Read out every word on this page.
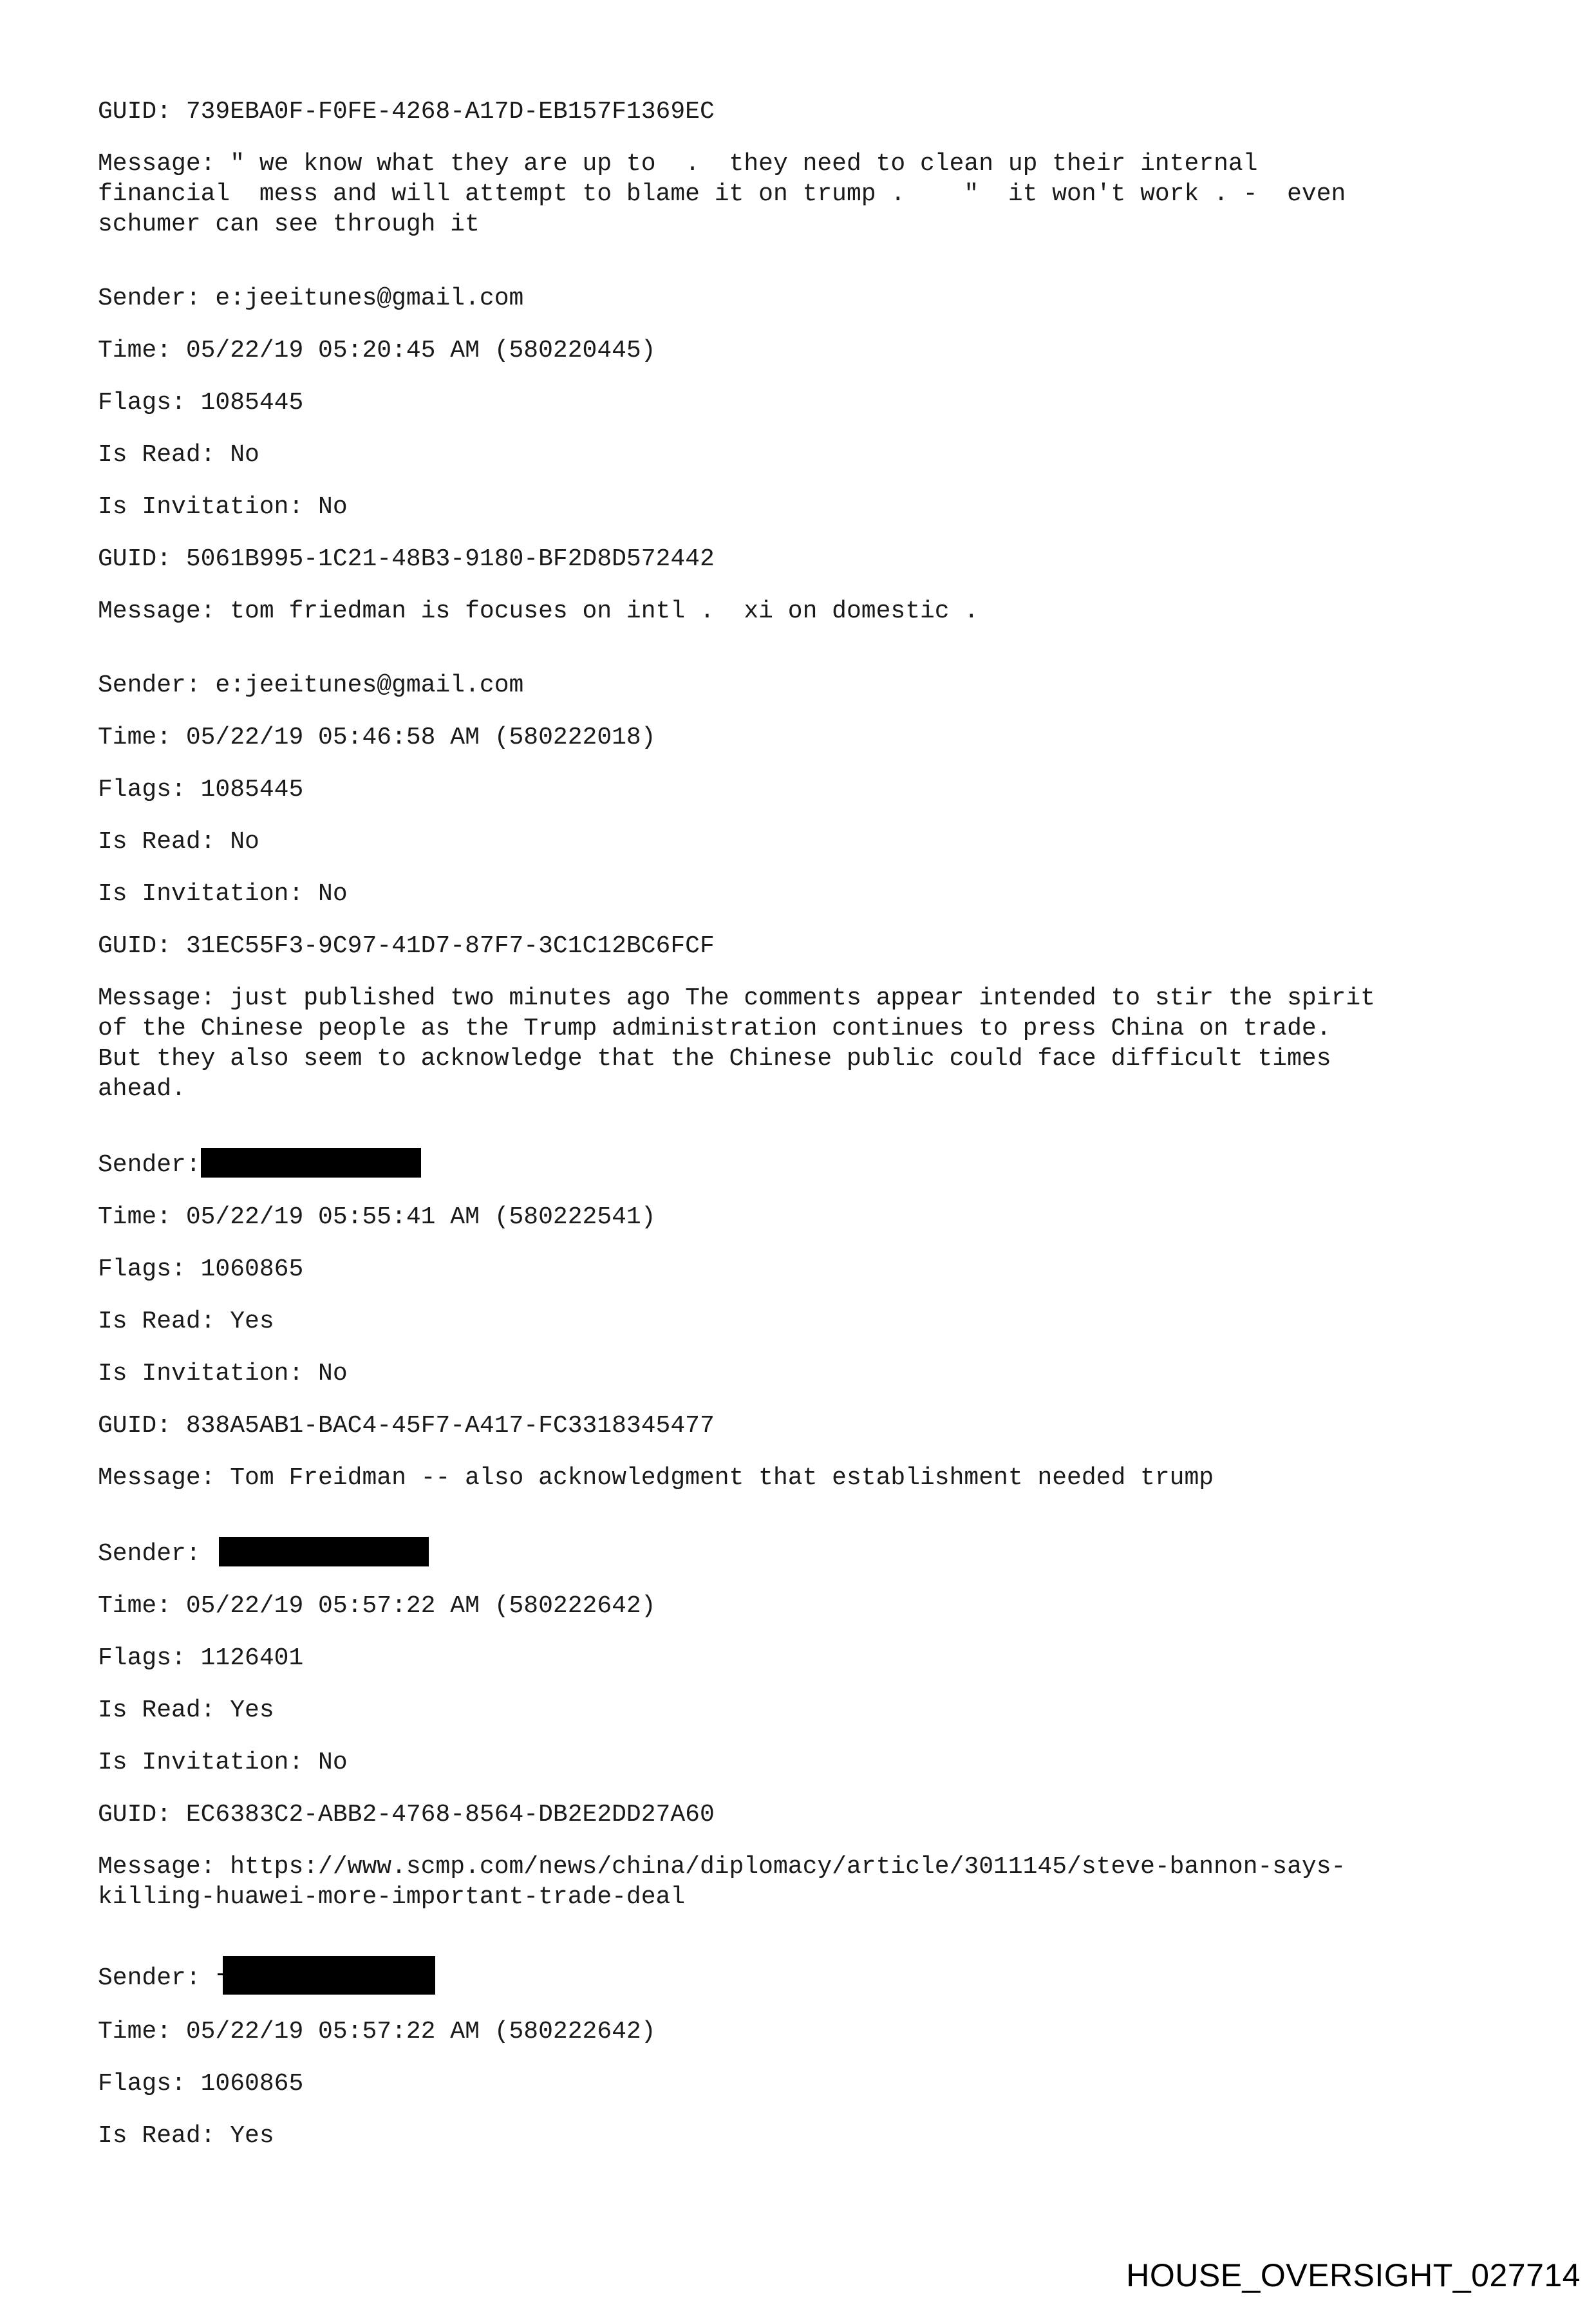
GUID: 739EBA0F-F0FE-4268-A17D-EB157F1369EC

Message: " we know what they are up to  .  they need to clean up their internal

financial  mess and will attempt to blame it on trump .    "  it won't work . -  even

schumer can see through it

Sender: e:jeeitunes@gmail.com

Time: 05/22/19 05:20:45 AM (580220445)

Flags: 1085445

Is Read: No

Is Invitation: No

GUID: 5061B995-1C21-48B3-9180-BF2D8D572442

Message: tom friedman is focuses on intl .  xi on domestic .

Sender: e:jeeitunes@gmail.com

Time: 05/22/19 05:46:58 AM (580222018)

Flags: 1085445

Is Read: No

Is Invitation: No

GUID: 31EC55F3-9C97-41D7-87F7-3C1C12BC6FCF

Message: just published two minutes ago The comments appear intended to stir the spirit

of the Chinese people as the Trump administration continues to press China on trade.

But they also seem to acknowledge that the Chinese public could face difficult times

ahead.

Sender:

Time: 05/22/19 05:55:41 AM (580222541)

Flags: 1060865

Is Read: Yes

Is Invitation: No

GUID: 838A5AB1-BAC4-45F7-A417-FC3318345477

Message: Tom Freidman -- also acknowledgment that establishment needed trump

Sender:

Time: 05/22/19 05:57:22 AM (580222642)

Flags: 1126401

Is Read: Yes

Is Invitation: No

GUID: EC6383C2-ABB2-4768-8564-DB2E2DD27A60

Message: https://www.scmp.com/news/china/diplomacy/article/3011145/steve-bannon-says-

killing-huawei-more-important-trade-deal

Sender:

Time: 05/22/19 05:57:22 AM (580222642)

Flags: 1060865

Is Read: Yes

HOUSE_OVERSIGHT_027714
